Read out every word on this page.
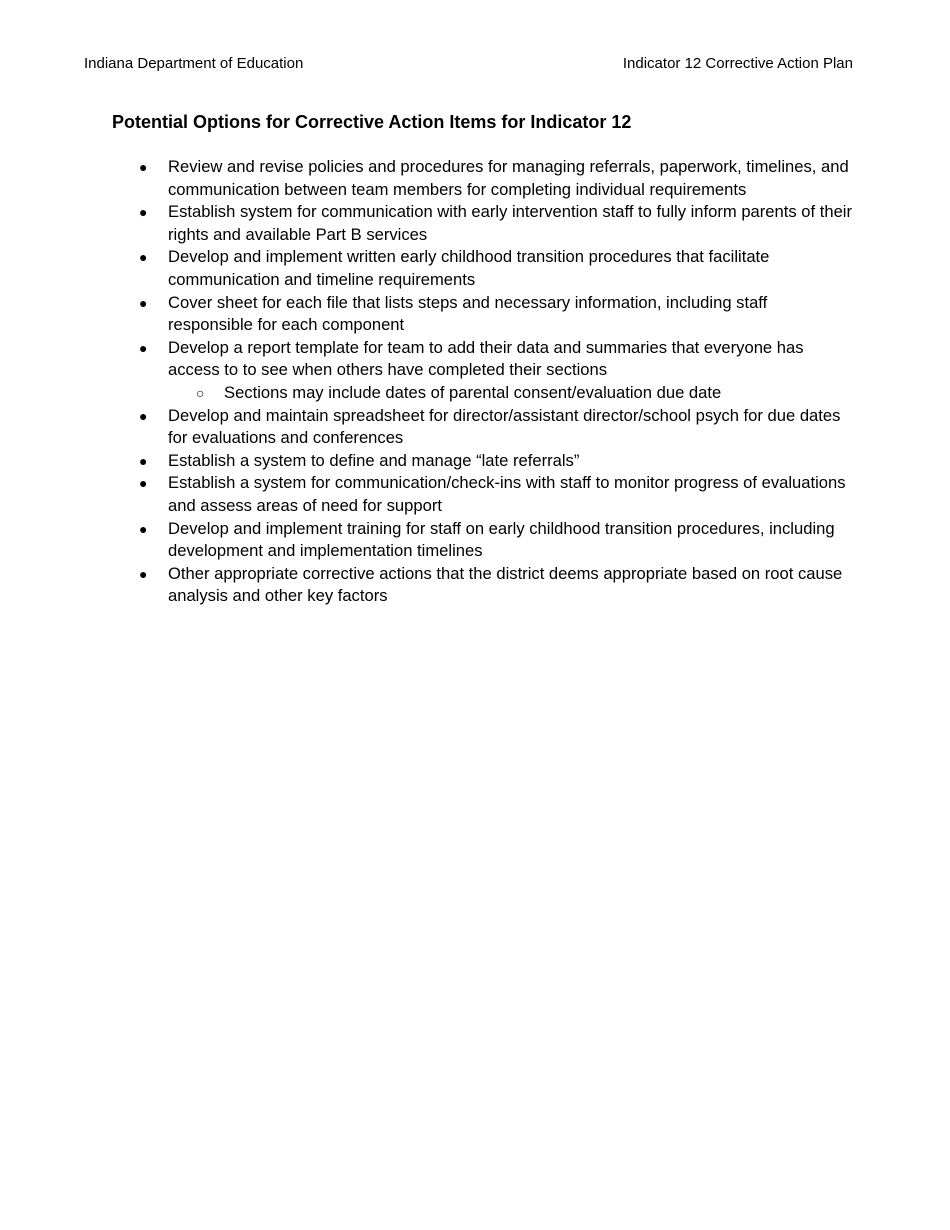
Indiana Department of Education	Indicator 12 Corrective Action Plan
Potential Options for Corrective Action Items for Indicator 12
● Review and revise policies and procedures for managing referrals, paperwork, timelines, and communication between team members for completing individual requirements
● Establish system for communication with early intervention staff to fully inform parents of their rights and available Part B services
● Develop and implement written early childhood transition procedures that facilitate communication and timeline requirements
● Cover sheet for each file that lists steps and necessary information, including staff responsible for each component
● Develop a report template for team to add their data and summaries that everyone has access to to see when others have completed their sections
○ Sections may include dates of parental consent/evaluation due date
● Develop and maintain spreadsheet for director/assistant director/school psych for due dates for evaluations and conferences
● Establish a system to define and manage “late referrals”
● Establish a system for communication/check-ins with staff to monitor progress of evaluations and assess areas of need for support
● Develop and implement training for staff on early childhood transition procedures, including development and implementation timelines
● Other appropriate corrective actions that the district deems appropriate based on root cause analysis and other key factors
